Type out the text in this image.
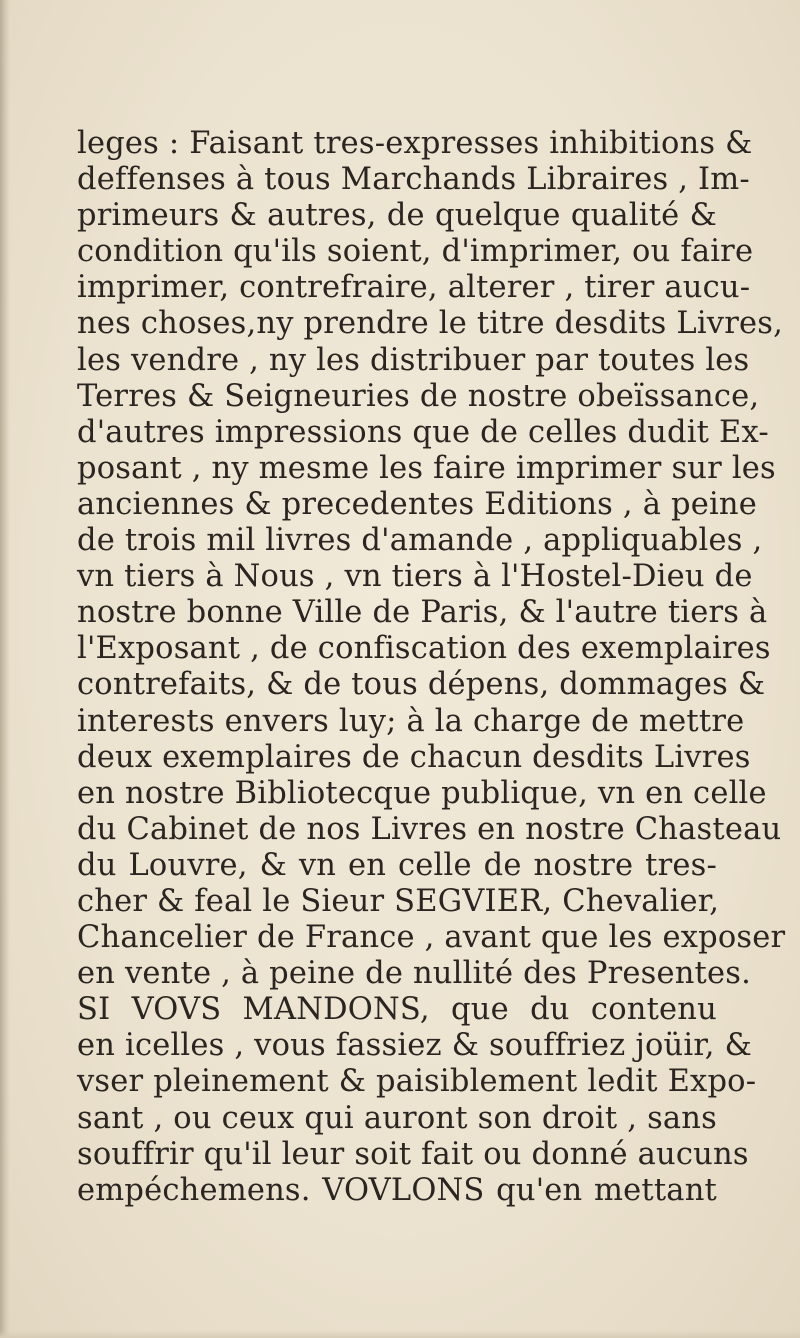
leges : Faisant tres-expresses inhibitions &
deffenses à tous Marchands Libraires , Im-
primeurs & autres, de quelque qualité &
condition qu'ils soient, d'imprimer, ou faire
imprimer, contrefraire, alterer , tirer aucu-
nes choses,ny prendre le titre desdits Livres,
les vendre , ny les distribuer par toutes les
Terres & Seigneuries de nostre obeïssance,
d'autres impressions que de celles dudit Ex-
posant , ny mesme les faire imprimer sur les
anciennes & precedentes Editions , à peine
de trois mil livres d'amande , appliquables ,
vn tiers à Nous , vn tiers à l'Hostel-Dieu de
nostre bonne Ville de Paris, & l'autre tiers à
l'Exposant , de confiscation des exemplaires
contrefaits, & de tous dépens, dommages &
interests envers luy; à la charge de mettre
deux exemplaires de chacun desdits Livres
en nostre Bibliotecque publique, vn en celle
du Cabinet de nos Livres en nostre Chasteau
du Louvre, & vn en celle de nostre tres-
cher & feal le Sieur SEGVIER, Chevalier,
Chancelier de France , avant que les exposer
en vente , à peine de nullité des Presentes.
SI VOVS MANDONS, que du contenu
en icelles , vous fassiez & souffriez joüir, &
vser pleinement & paisiblement ledit Expo-
sant , ou ceux qui auront son droit , sans
souffrir qu'il leur soit fait ou donné aucuns
empéchemens. VOVLONS qu'en mettant
